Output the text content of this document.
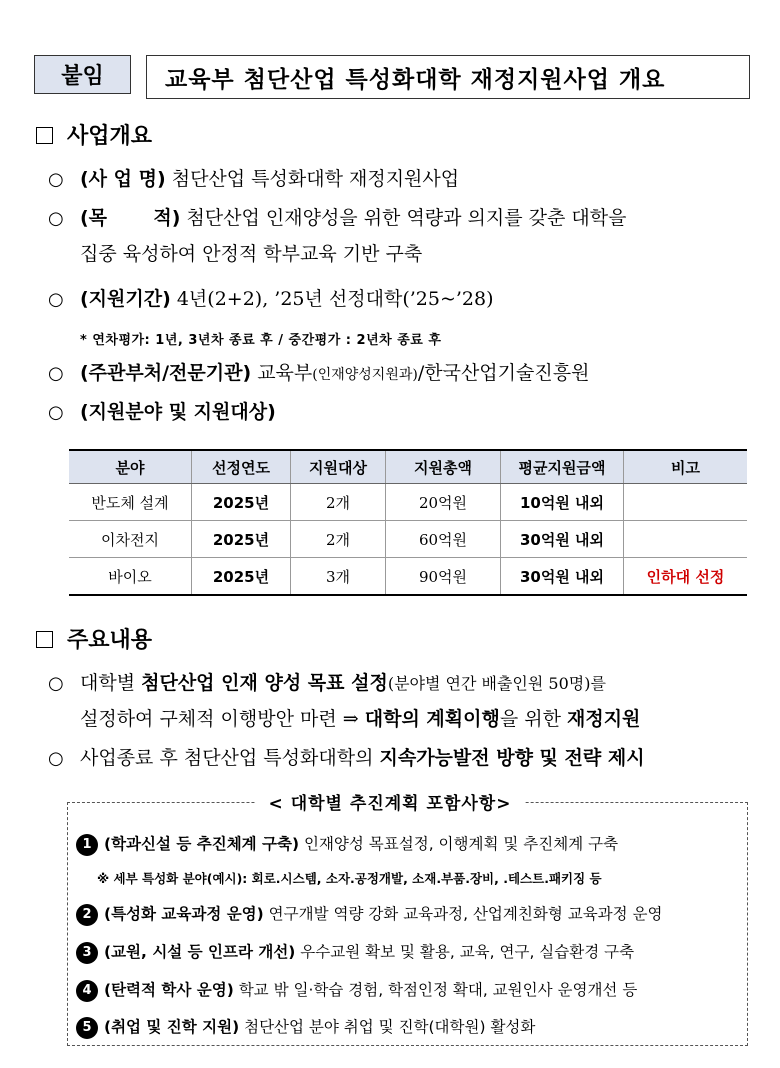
붙임	교육부 첨단산업 특성화대학 재정지원사업 개요
사업개요
○ (사 업 명) 첨단산업 특성화대학 재정지원사업
○ (목       적) 첨단산업 인재양성을 위한 역량과 의지를 갖춘 대학을
집중 육성하여 안정적 학부교육 기반 구축
○ (지원기간) 4년(2+2), ’25년 선정대학(’25~’28)
* 연차평가: 1년, 3년차 종료 후 / 중간평가 : 2년차 종료 후
○ (주관부처/전문기관) 교육부(인재양성지원과)/한국산업기술진흥원
○ (지원분야 및 지원대상)
분야	선정연도	지원대상	지원총액	평균지원금액	비고
반도체 설계	2025년	2개	20억원	10억원 내외	
이차전지	2025년	2개	60억원	30억원 내외	
바이오	2025년	3개	90억원	30억원 내외	인하대 선정
주요내용
○ 대학별 첨단산업 인재 양성 목표 설정(분야별 연간 배출인원 50명)를
설정하여 구체적 이행방안 마련 ⇒ 대학의 계획이행을 위한 재정지원
○ 사업종료 후 첨단산업 특성화대학의 지속가능발전 방향 및 전략 제시
< 대학별 추진계획 포함사항>
1 (학과신설 등 추진체계 구축) 인재양성 목표설정, 이행계획 및 추진체계 구축
※ 세부 특성화 분야(예시): 회로.시스템, 소자.공정개발, 소재.부품.장비, .테스트.패키징 등
2 (특성화 교육과정 운영) 연구개발 역량 강화 교육과정, 산업계친화형 교육과정 운영
3 (교원, 시설 등 인프라 개선) 우수교원 확보 및 활용, 교육, 연구, 실습환경 구축
4 (탄력적 학사 운영) 학교 밖 일·학습 경험, 학점인정 확대, 교원인사 운영개선 등
5 (취업 및 진학 지원) 첨단산업 분야 취업 및 진학(대학원) 활성화
